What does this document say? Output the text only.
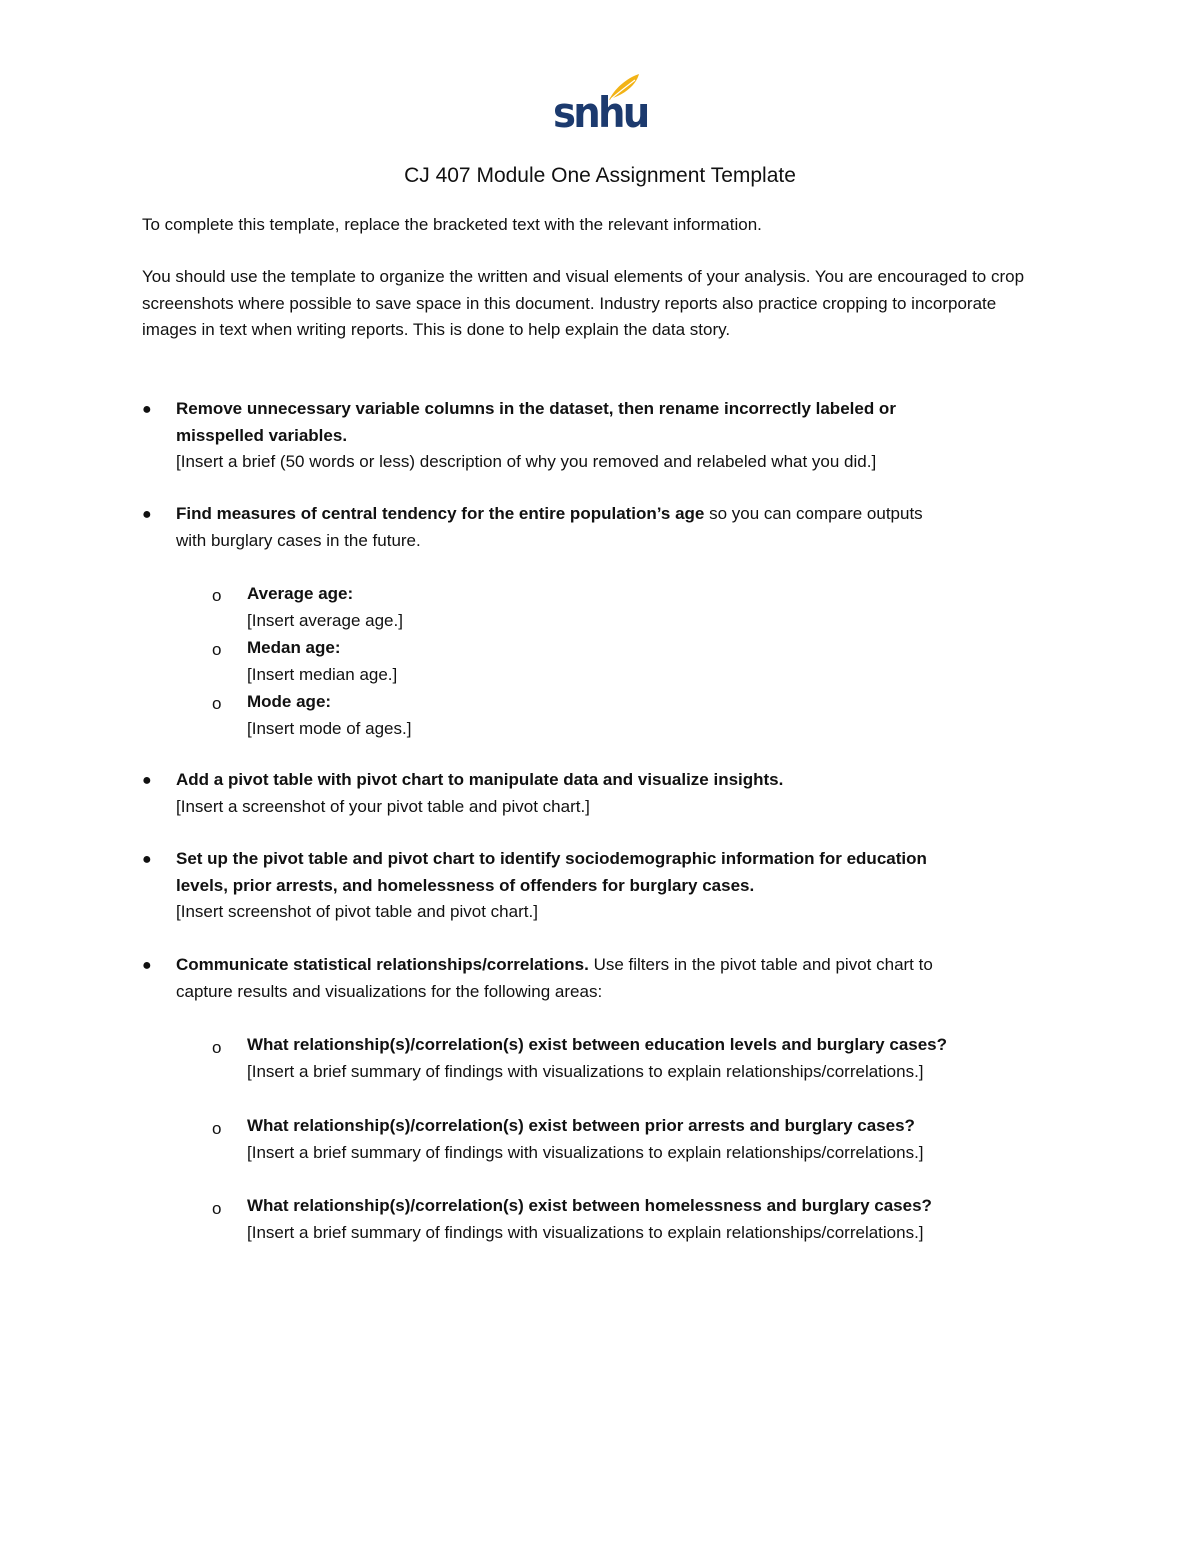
snhu
CJ 407 Module One Assignment Template
To complete this template, replace the bracketed text with the relevant information.
You should use the template to organize the written and visual elements of your analysis. You are encouraged to crop screenshots where possible to save space in this document. Industry reports also practice cropping to incorporate images in text when writing reports. This is done to help explain the data story.
●	Remove unnecessary variable columns in the dataset, then rename incorrectly labeled or
misspelled variables.
[Insert a brief (50 words or less) description of why you removed and relabeled what you did.]
●	Find measures of central tendency for the entire population’s age so you can compare outputs
with burglary cases in the future.
o	Average age:
[Insert average age.]
o	Medan age:
[Insert median age.]
o	Mode age:
[Insert mode of ages.]
●	Add a pivot table with pivot chart to manipulate data and visualize insights.
[Insert a screenshot of your pivot table and pivot chart.]
●	Set up the pivot table and pivot chart to identify sociodemographic information for education
levels, prior arrests, and homelessness of offenders for burglary cases.
[Insert screenshot of pivot table and pivot chart.]
●	Communicate statistical relationships/correlations. Use filters in the pivot table and pivot chart to
capture results and visualizations for the following areas:
o	What relationship(s)/correlation(s) exist between education levels and burglary cases?
[Insert a brief summary of findings with visualizations to explain relationships/correlations.]
o	What relationship(s)/correlation(s) exist between prior arrests and burglary cases?
[Insert a brief summary of findings with visualizations to explain relationships/correlations.]
o	What relationship(s)/correlation(s) exist between homelessness and burglary cases?
[Insert a brief summary of findings with visualizations to explain relationships/correlations.]
